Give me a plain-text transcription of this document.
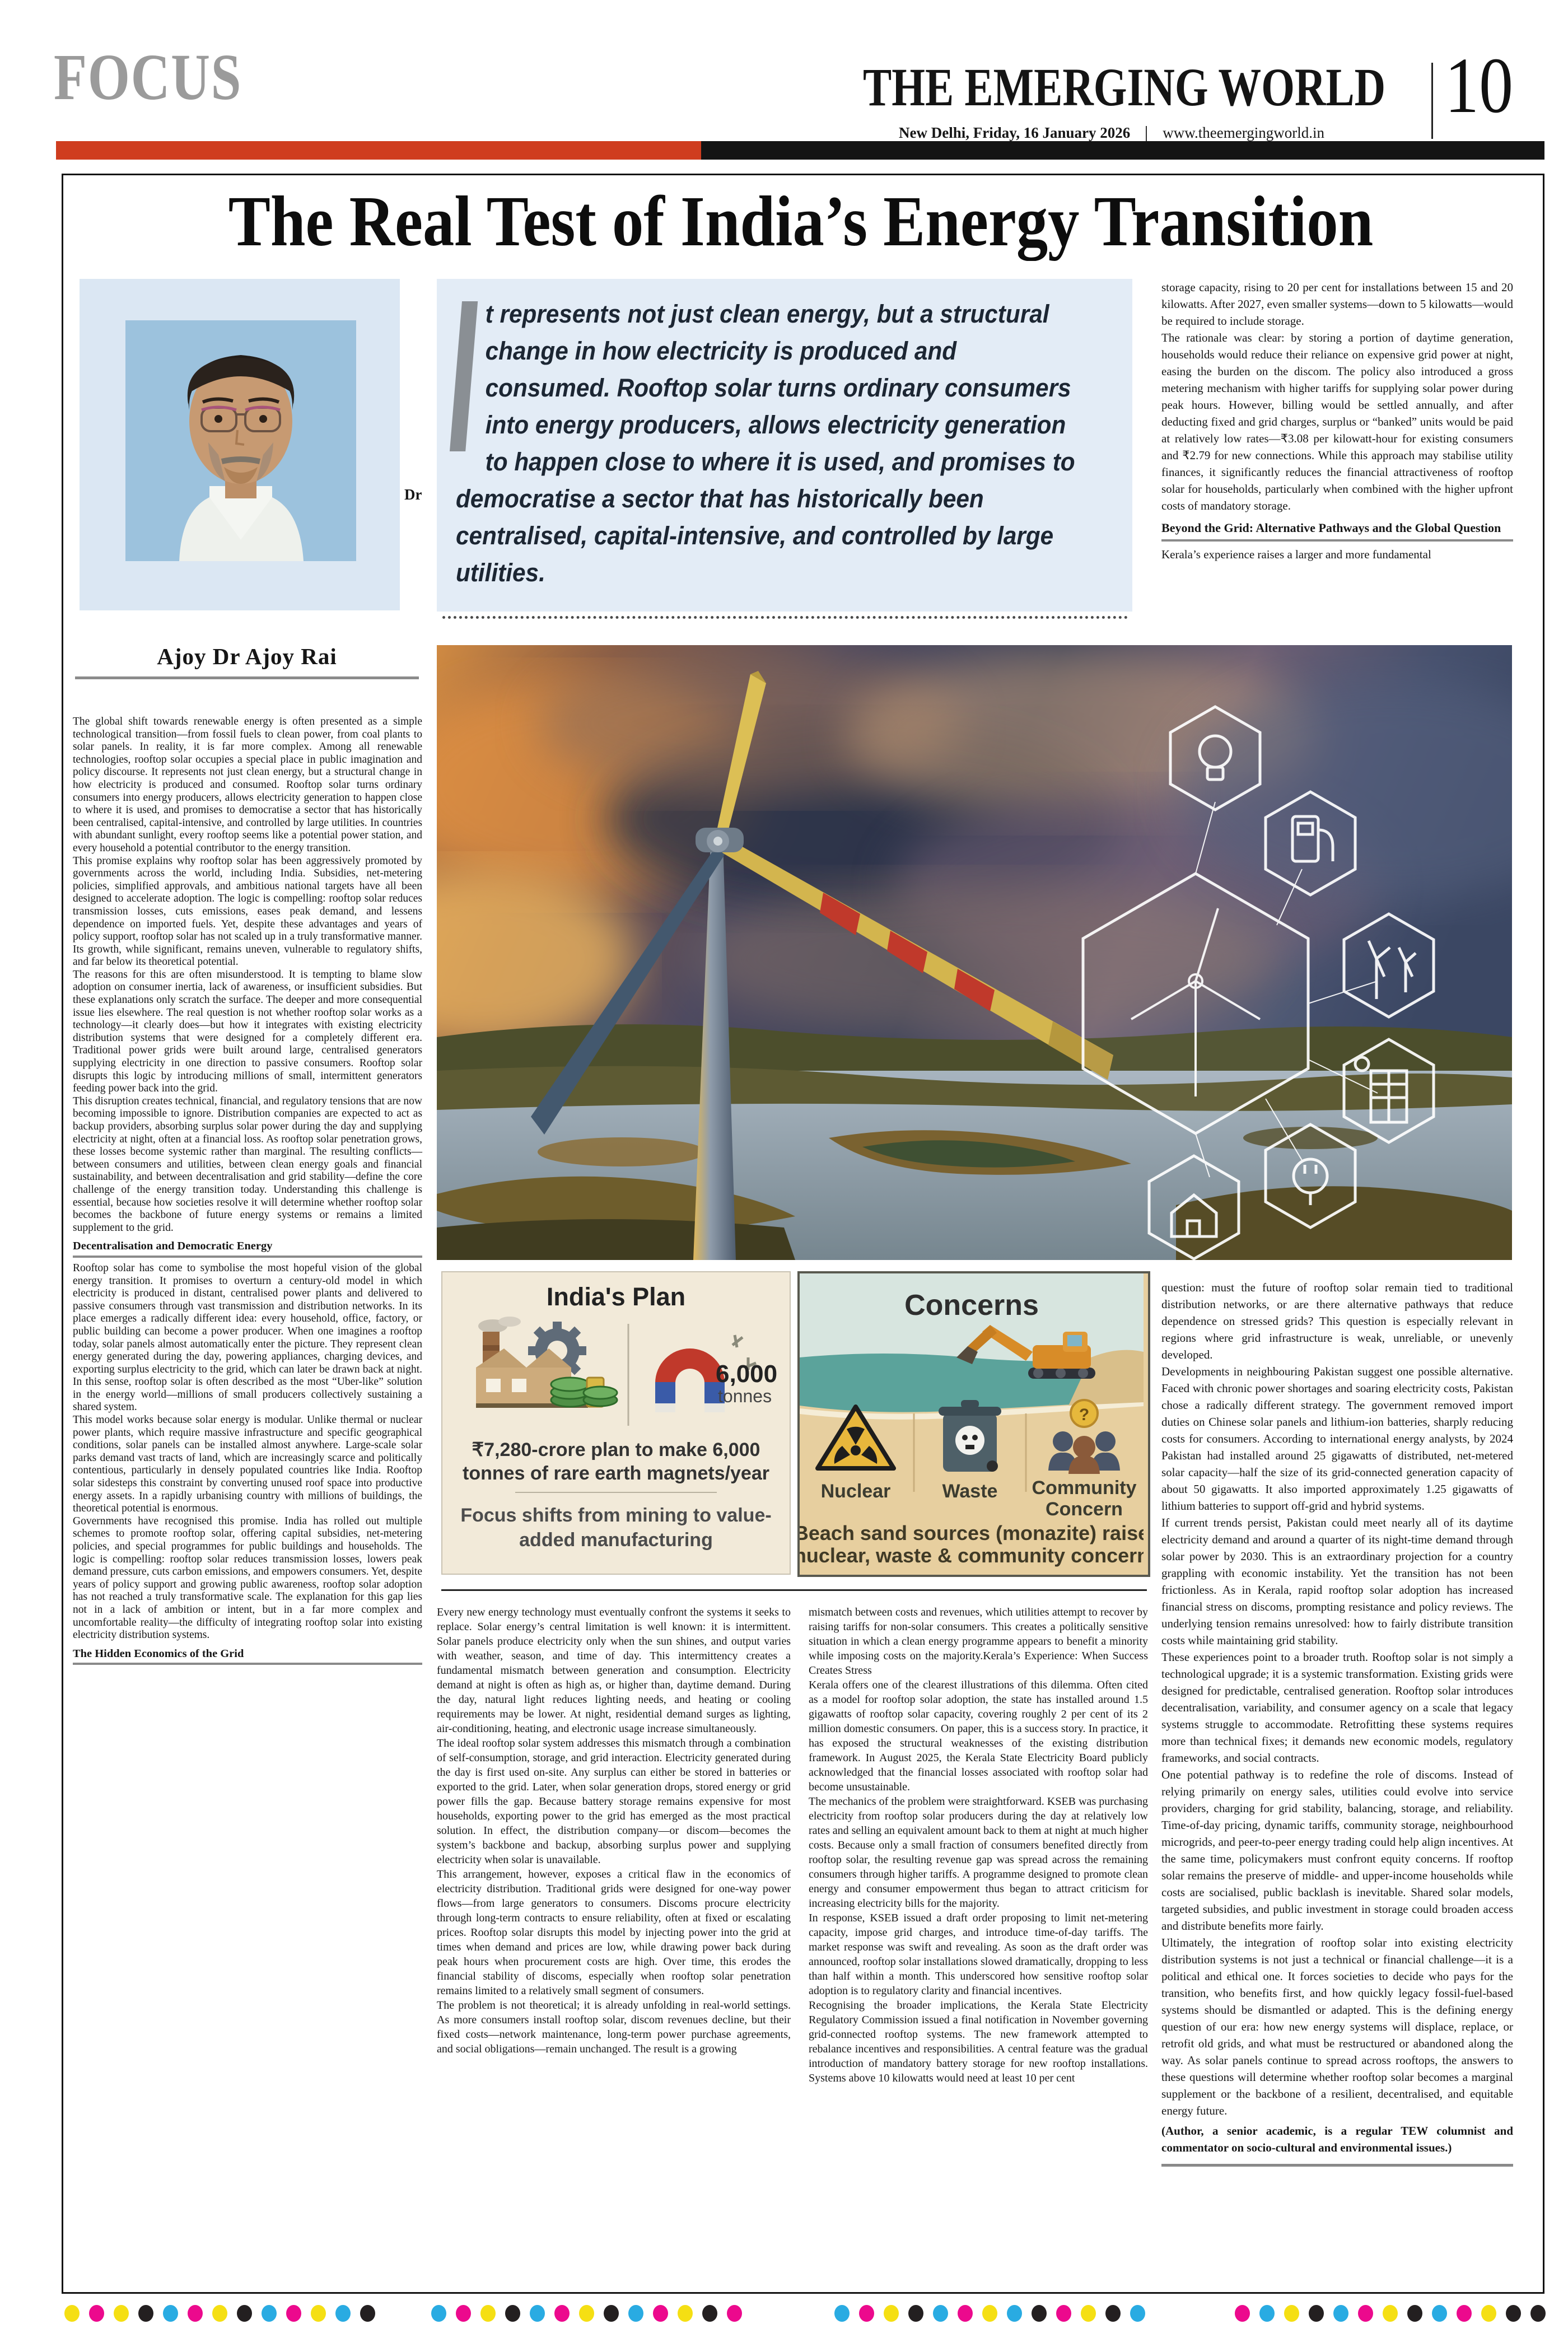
FOCUS	THE EMERGING WORLD
New Delhi, Friday, 16 January 2026 www.theemergingworld.in
10
The Real Test of India’s Energy Transition
Dr
Ajoy Dr Ajoy Rai
t represents not just clean energy, but a structural change in how electricity is produced and consumed. Rooftop solar turns ordinary consumers into energy producers, allows electricity generation to happen close to where it is used, and promises to democratise a sector that has historically been centralised, capital-intensive, and controlled by large utilities.

The global shift towards renewable energy is often presented as a simple technological transition—from fossil fuels to clean power, from coal plants to solar panels. In reality, it is far more complex. Among all renewable technologies, rooftop solar occupies a special place in public imagination and policy discourse. It represents not just clean energy, but a structural change in how electricity is produced and consumed. Rooftop solar turns ordinary consumers into energy producers, allows electricity generation to happen close to where it is used, and promises to democratise a sector that has historically been centralised, capital-intensive, and controlled by large utilities. In countries with abundant sunlight, every rooftop seems like a potential power station, and every household a potential contributor to the energy transition.

This promise explains why rooftop solar has been aggressively promoted by governments across the world, including India. Subsidies, net-metering policies, simplified approvals, and ambitious national targets have all been designed to accelerate adoption. The logic is compelling: rooftop solar reduces transmission losses, cuts emissions, eases peak demand, and lessens dependence on imported fuels. Yet, despite these advantages and years of policy support, rooftop solar has not scaled up in a truly transformative manner. Its growth, while significant, remains uneven, vulnerable to regulatory shifts, and far below its theoretical potential.

The reasons for this are often misunderstood. It is tempting to blame slow adoption on consumer inertia, lack of awareness, or insufficient subsidies. But these explanations only scratch the surface. The deeper and more consequential issue lies elsewhere. The real question is not whether rooftop solar works as a technology—it clearly does—but how it integrates with existing electricity distribution systems that were designed for a completely different era. Traditional power grids were built around large, centralised generators supplying electricity in one direction to passive consumers. Rooftop solar disrupts this logic by introducing millions of small, intermittent generators feeding power back into the grid.

This disruption creates technical, financial, and regulatory tensions that are now becoming impossible to ignore. Distribution companies are expected to act as backup providers, absorbing surplus solar power during the day and supplying electricity at night, often at a financial loss. As rooftop solar penetration grows, these losses become systemic rather than marginal. The resulting conflicts—between consumers and utilities, between clean energy goals and financial sustainability, and between decentralisation and grid stability—define the core challenge of the energy transition today. Understanding this challenge is essential, because how societies resolve it will determine whether rooftop solar becomes the backbone of future energy systems or remains a limited supplement to the grid.

Decentralisation and Democratic Energy

Rooftop solar has come to symbolise the most hopeful vision of the global energy transition. It promises to overturn a century-old model in which electricity is produced in distant, centralised power plants and delivered to passive consumers through vast transmission and distribution networks. In its place emerges a radically different idea: every household, office, factory, or public building can become a power producer. When one imagines a rooftop today, solar panels almost automatically enter the picture. They represent clean energy generated during the day, powering appliances, charging devices, and exporting surplus electricity to the grid, which can later be drawn back at night. In this sense, rooftop solar is often described as the most “Uber-like” solution in the energy world—millions of small producers collectively sustaining a shared system.

This model works because solar energy is modular. Unlike thermal or nuclear power plants, which require massive infrastructure and specific geographical conditions, solar panels can be installed almost anywhere. Large-scale solar parks demand vast tracts of land, which are increasingly scarce and politically contentious, particularly in densely populated countries like India. Rooftop solar sidesteps this constraint by converting unused roof space into productive energy assets. In a rapidly urbanising country with millions of buildings, the theoretical potential is enormous.

Governments have recognised this promise. India has rolled out multiple schemes to promote rooftop solar, offering capital subsidies, net-metering policies, and special programmes for public buildings and households. The logic is compelling: rooftop solar reduces transmission losses, lowers peak demand pressure, cuts carbon emissions, and empowers consumers. Yet, despite years of policy support and growing public awareness, rooftop solar adoption has not reached a truly transformative scale. The explanation for this gap lies not in a lack of ambition or intent, but in a far more complex and uncomfortable reality—the difficulty of integrating rooftop solar into existing electricity distribution systems.

The Hidden Economics of the Grid

Every new energy technology must eventually confront the systems it seeks to replace. Solar energy’s central limitation is well known: it is intermittent. Solar panels produce electricity only when the sun shines, and output varies with weather, season, and time of day. This intermittency creates a fundamental mismatch between generation and consumption. Electricity demand at night is often as high as, or higher than, daytime demand. During the day, natural light reduces lighting needs, and heating or cooling requirements may be lower. At night, residential demand surges as lighting, air-conditioning, heating, and electronic usage increase simultaneously.

The ideal rooftop solar system addresses this mismatch through a combination of self-consumption, storage, and grid interaction. Electricity generated during the day is first used on-site. Any surplus can either be stored in batteries or exported to the grid. Later, when solar generation drops, stored energy or grid power fills the gap. Because battery storage remains expensive for most households, exporting power to the grid has emerged as the most practical solution. In effect, the distribution company—or discom—becomes the system’s backbone and backup, absorbing surplus power and supplying electricity when solar is unavailable.

This arrangement, however, exposes a critical flaw in the economics of electricity distribution. Traditional grids were designed for one-way power flows—from large generators to consumers. Discoms procure electricity through long-term contracts to ensure reliability, often at fixed or escalating prices. Rooftop solar disrupts this model by injecting power into the grid at times when demand and prices are low, while drawing power back during peak hours when procurement costs are high. Over time, this erodes the financial stability of discoms, especially when rooftop solar penetration remains limited to a relatively small segment of consumers.

The problem is not theoretical; it is already unfolding in real-world settings. As more consumers install rooftop solar, discom revenues decline, but their fixed costs—network maintenance, long-term power purchase agreements, and social obligations—remain unchanged. The result is a growing

mismatch between costs and revenues, which utilities attempt to recover by raising tariffs for non-solar consumers. This creates a politically sensitive situation in which a clean energy programme appears to benefit a minority while imposing costs on the majority.Kerala’s Experience: When Success Creates Stress

Kerala offers one of the clearest illustrations of this dilemma. Often cited as a model for rooftop solar adoption, the state has installed around 1.5 gigawatts of rooftop solar capacity, covering roughly 2 per cent of its 2 million domestic consumers. On paper, this is a success story. In practice, it has exposed the structural weaknesses of the existing distribution framework. In August 2025, the Kerala State Electricity Board publicly acknowledged that the financial losses associated with rooftop solar had become unsustainable.

The mechanics of the problem were straightforward. KSEB was purchasing electricity from rooftop solar producers during the day at relatively low rates and selling an equivalent amount back to them at night at much higher costs. Because only a small fraction of consumers benefited directly from rooftop solar, the resulting revenue gap was spread across the remaining consumers through higher tariffs. A programme designed to promote clean energy and consumer empowerment thus began to attract criticism for increasing electricity bills for the majority.

In response, KSEB issued a draft order proposing to limit net-metering capacity, impose grid charges, and introduce time-of-day tariffs. The market response was swift and revealing. As soon as the draft order was announced, rooftop solar installations slowed dramatically, dropping to less than half within a month. This underscored how sensitive rooftop solar adoption is to regulatory clarity and financial incentives.

Recognising the broader implications, the Kerala State Electricity Regulatory Commission issued a final notification in November governing grid-connected rooftop systems. The new framework attempted to rebalance incentives and responsibilities. A central feature was the gradual introduction of mandatory battery storage for new rooftop installations. Systems above 10 kilowatts would need at least 10 per cent

storage capacity, rising to 20 per cent for installations between 15 and 20 kilowatts. After 2027, even smaller systems—down to 5 kilowatts—would be required to include storage.

The rationale was clear: by storing a portion of daytime generation, households would reduce their reliance on expensive grid power at night, easing the burden on the discom. The policy also introduced a gross metering mechanism with higher tariffs for supplying solar power during peak hours. However, billing would be settled annually, and after deducting fixed and grid charges, surplus or “banked” units would be paid at relatively low rates—₹3.08 per kilowatt-hour for existing consumers and ₹2.79 for new connections. While this approach may stabilise utility finances, it significantly reduces the financial attractiveness of rooftop solar for households, particularly when combined with the higher upfront costs of mandatory storage.

Beyond the Grid: Alternative Pathways and the Global Question

Kerala’s experience raises a larger and more fundamental

question: must the future of rooftop solar remain tied to traditional distribution networks, or are there alternative pathways that reduce dependence on stressed grids? This question is especially relevant in regions where grid infrastructure is weak, unreliable, or unevenly developed.

Developments in neighbouring Pakistan suggest one possible alternative. Faced with chronic power shortages and soaring electricity costs, Pakistan chose a radically different strategy. The government removed import duties on Chinese solar panels and lithium-ion batteries, sharply reducing costs for consumers. According to international energy analysts, by 2024 Pakistan had installed around 25 gigawatts of distributed, net-metered solar capacity—half the size of its grid-connected generation capacity of about 50 gigawatts. It also imported approximately 1.25 gigawatts of lithium batteries to support off-grid and hybrid systems.

If current trends persist, Pakistan could meet nearly all of its daytime electricity demand and around a quarter of its night-time demand through solar power by 2030. This is an extraordinary projection for a country grappling with economic instability. Yet the transition has not been frictionless. As in Kerala, rapid rooftop solar adoption has increased financial stress on discoms, prompting resistance and policy reviews. The underlying tension remains unresolved: how to fairly distribute transition costs while maintaining grid stability.

These experiences point to a broader truth. Rooftop solar is not simply a technological upgrade; it is a systemic transformation. Existing grids were designed for predictable, centralised generation. Rooftop solar introduces decentralisation, variability, and consumer agency on a scale that legacy systems struggle to accommodate. Retrofitting these systems requires more than technical fixes; it demands new economic models, regulatory frameworks, and social contracts.

One potential pathway is to redefine the role of discoms. Instead of relying primarily on energy sales, utilities could evolve into service providers, charging for grid stability, balancing, storage, and reliability. Time-of-day pricing, dynamic tariffs, community storage, neighbourhood microgrids, and peer-to-peer energy trading could help align incentives. At the same time, policymakers must confront equity concerns. If rooftop solar remains the preserve of middle- and upper-income households while costs are socialised, public backlash is inevitable. Shared solar models, targeted subsidies, and public investment in storage could broaden access and distribute benefits more fairly.

Ultimately, the integration of rooftop solar into existing electricity distribution systems is not just a technical or financial challenge—it is a political and ethical one. It forces societies to decide who pays for the transition, who benefits first, and how quickly legacy fossil-fuel-based systems should be dismantled or adapted. This is the defining energy question of our era: how new energy systems will displace, replace, or retrofit old grids, and what must be restructured or abandoned along the way. As solar panels continue to spread across rooftops, the answers to these questions will determine whether rooftop solar becomes a marginal supplement or the backbone of a resilient, decentralised, and equitable energy future.

(Author, a senior academic, is a regular TEW columnist and commentator on socio-cultural and environmental issues.)

India's Plan
6,000
tonnes
₹7,280-crore plan to make 6,000 tonnes of rare earth magnets/year
Focus shifts from mining to value-added manufacturing
Concerns
Nuclear	Waste
?
Community
Concern
Beach sand sources (monazite) raise
nuclear, waste & community concern
